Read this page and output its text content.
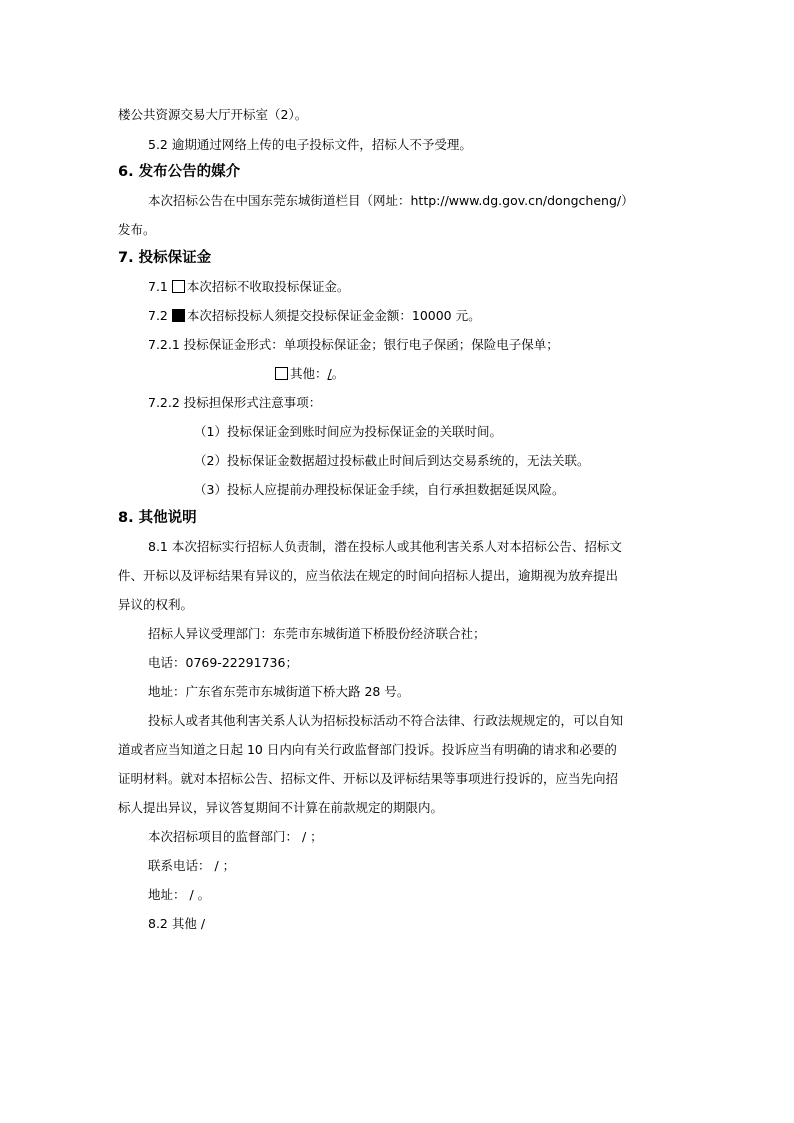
楼公共资源交易大厅开标室（2）。
5.2 逾期通过网络上传的电子投标文件，招标人不予受理。
6. 发布公告的媒介
本次招标公告在中国东莞东城街道栏目（网址：http://www.dg.gov.cn/dongcheng/）
发布。
7. 投标保证金
7.1 本次招标不收取投标保证金。
7.2 本次招标投标人须提交投标保证金金额：10000 元。
7.2.1 投标保证金形式：单项投标保证金；银行电子保函；保险电子保单；
其他：/。
7.2.2 投标担保形式注意事项：
（1）投标保证金到账时间应为投标保证金的关联时间。
（2）投标保证金数据超过投标截止时间后到达交易系统的，无法关联。
（3）投标人应提前办理投标保证金手续，自行承担数据延误风险。
8. 其他说明
8.1 本次招标实行招标人负责制，潜在投标人或其他利害关系人对本招标公告、招标文
件、开标以及评标结果有异议的，应当依法在规定的时间向招标人提出，逾期视为放弃提出
异议的权利。
招标人异议受理部门：东莞市东城街道下桥股份经济联合社；
电话：0769-22291736；
地址：广东省东莞市东城街道下桥大路 28 号。
投标人或者其他利害关系人认为招标投标活动不符合法律、行政法规规定的，可以自知
道或者应当知道之日起 10 日内向有关行政监督部门投诉。投诉应当有明确的请求和必要的
证明材料。就对本招标公告、招标文件、开标以及评标结果等事项进行投诉的，应当先向招
标人提出异议，异议答复期间不计算在前款规定的期限内。
本次招标项目的监督部门： / ；
联系电话： / ；
地址： / 。
8.2 其他 /
